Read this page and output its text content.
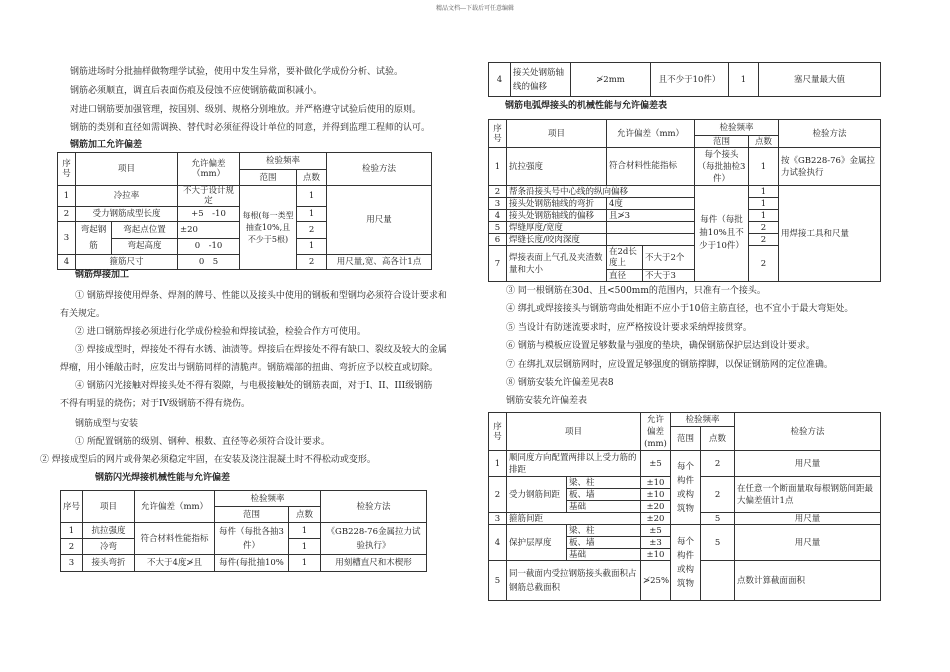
精品文档---下载后可任意编辑
钢筋进场时分批抽样做物理学试验，使用中发生异常，要补做化学成份分析、试验。
钢筋必须顺直，调直后表面伤痕及侵蚀不应使钢筋截面积减小。
对进口钢筋要加强管理，按国别、级别、规格分别堆放。并严格遵守试验后使用的原则。
钢筋的类别和直径如需调换、替代时必须征得设计单位的同意，并得到监理工程师的认可。
钢筋加工允许偏差
序号	项目		允许偏差（mm）	检验频率		检验方法
				范围	点数	
1	冷拉率		不大于设计规定	每根(每一类型抽查10%,且不少于5根)	1	用尺量
2	受力钢筋成型长度		+5　-10		1	
3	弯起钢筋	弯起点位置	±20		2	
		弯起高度	0　-10		1	
4	箍筋尺寸		0　5		2	用尺量,宽、高各计1点
钢筋焊接加工
① 钢筋焊接使用焊条、焊剂的牌号、性能以及接头中使用的钢板和型钢均必须符合设计要求和
有关规定。
② 进口钢筋焊接必须进行化学成份检验和焊接试验，检验合作方可使用。
③ 焊接成型时，焊接处不得有水锈、油渍等。焊接后在焊接处不得有缺口、裂纹及较大的金属
焊瘤，用小锤敲击时，应发出与钢筋同样的清脆声。钢筋端部的扭曲、弯折应予以校直或切除。
④ 钢筋闪光接触对焊接头处不得有裂隙，与电极接触处的钢筋表面，对于I、II、III级钢筋
不得有明显的烧伤；对于IV级钢筋不得有烧伤。
钢筋成型与安装
① 所配置钢筋的级别、钢种、根数、直径等必须符合设计要求。
② 焊接成型后的网片或骨架必须稳定牢固，在安装及浇注混凝土时不得松动或变形。
钢筋闪光焊接机械性能与允许偏差
序号	项目	允许偏差（mm）	检验频率		检验方法
			范围	点数	
1	抗拉强度	符合材料性能指标	每件（每批各抽3件）	1	《GB228-76金属拉力试验执行》
2	冷弯			1	
3	接头弯折	不大于4度≯且	每件(每批抽10%	1	用刻槽直尺和木楔形
4	接关处钢筋轴线的偏移	≯2mm	且不少于10件）	1	塞尺量最大值
钢筋电弧焊接头的机械性能与允许偏差表
序号	项目	允许偏差（mm）		检验频率		检验方法
				范围	点数	
1	抗拉强度	符合材料性能指标		每个接头（每批抽检3件）	1	按《GB228-76》金属拉力试验执行
2	帮条沿接头号中心线的纵向偏移			每件（每批抽10%且不少于10件）	1	用焊接工具和尺量
3	接头处钢筋轴线的弯折	4度			1	
4	接头处钢筋轴线的偏移	且≯3			1	
5	焊缝厚度/宽度				2	
6	焊缝长度/咬肉深度				2	
7	焊接表面上气孔及夹渣数量和大小	在2d长度上	不大于2个		2	
		直径	不大于3			
③ 同一根钢筋在30d、且<500mm的范围内，只准有一个接头。
④ 绑扎或焊接接头与钢筋弯曲处相距不应小于10倍主筋直径，也不宜小于最大弯矩处。
⑤ 当设计有防迷流要求时，应严格按设计要求采纳焊接贯穿。
⑥ 钢筋与模板应设置足够数量与强度的垫块，确保钢筋保护层达到设计要求。
⑦ 在绑扎双层钢筋网时，应设置足够强度的钢筋撑脚，以保证钢筋网的定位准确。
⑧ 钢筋安装允许偏差见表8
钢筋安装允许偏差表
序号	项目		允许偏差(mm)	检验频率		检验方法
				范围	点数	
1	顺同度方向配置两排以上受力筋的排距		±5	每个构件或构筑物	2	用尺量
2	受力钢筋间距	梁、柱	±10		2	在任意一个断面量取每根钢筋间距最大偏差值计1点
		板、墙	±10			
		基础	±20			
3	箍筋间距		±20		5	用尺量
4	保护层厚度	梁、柱	±5	每个构件或构筑物	5	用尺量
		板、墙	±3			
		基础	±10			
5	同一截面内受拉钢筋接头截面积占钢筋总截面积		≯25%			点数计算截面面积
